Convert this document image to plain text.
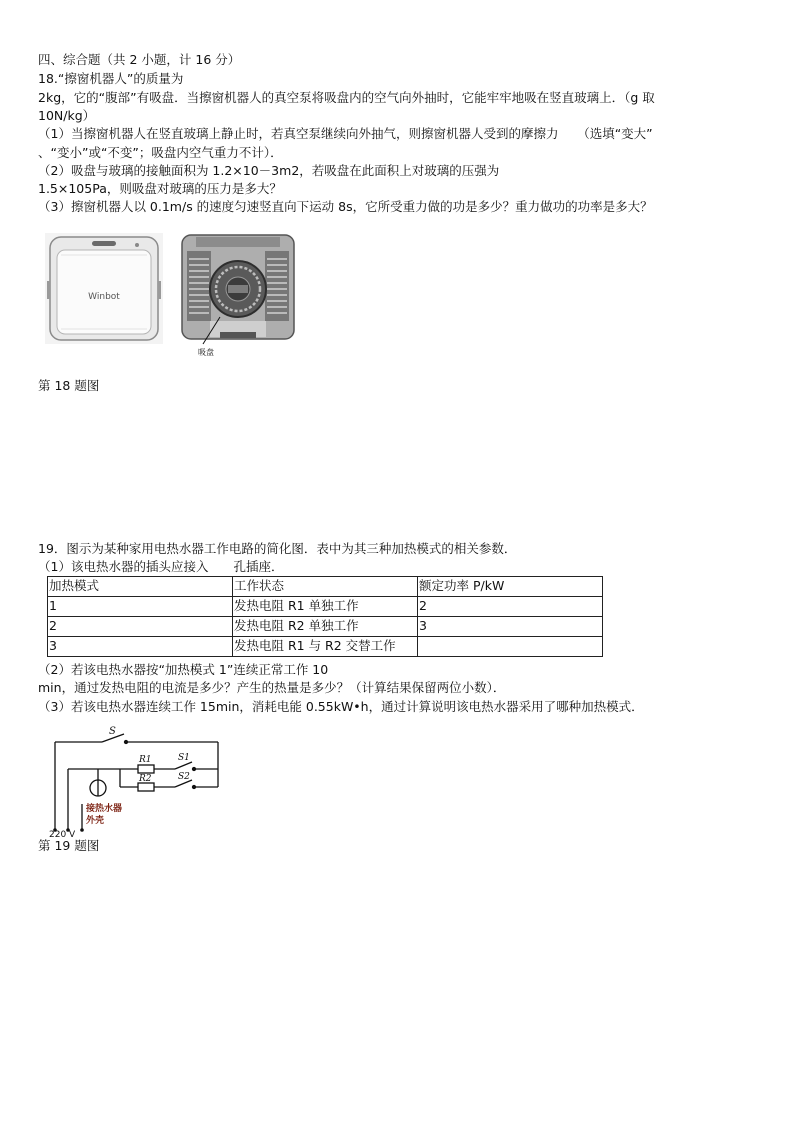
四、综合题（共 2 小题，计 16 分）
18.“擦窗机器人”的质量为
2kg，它的“腹部”有吸盘．当擦窗机器人的真空泵将吸盘内的空气向外抽时，它能牢牢地吸在竖直玻璃上．（g 取
10N/kg）
（1）当擦窗机器人在竖直玻璃上静止时，若真空泵继续向外抽气，则擦窗机器人受到的摩擦力　　（选填“变大”
、“变小”或“不变”；吸盘内空气重力不计）．
（2）吸盘与玻璃的接触面积为 1.2×10－3m2，若吸盘在此面积上对玻璃的压强为
1.5×105Pa，则吸盘对玻璃的压力是多大？
（3）擦窗机器人以 0.1m/s 的速度匀速竖直向下运动 8s，它所受重力做的功是多少？重力做功的功率是多大？
Winbot
吸盘
第 18 题图
19．图示为某种家用电热水器工作电路的简化图．表中为其三种加热模式的相关参数．
（1）该电热水器的插头应接入　　孔插座．
加热模式	工作状态	额定功率 P/kW
1	发热电阻 R1 单独工作	2
2	发热电阻 R2 单独工作	3
3	发热电阻 R1 与 R2 交替工作	
（2）若该电热水器按“加热模式 1”连续正常工作 10
min，通过发热电阻的电流是多少？产生的热量是多少？（计算结果保留两位小数）．
（3）若该电热水器连续工作 15min，消耗电能 0.55kW•h，通过计算说明该电热水器采用了哪种加热模式．
S
R1
R2
S1
S2
接热水器
外壳
220 V
第 19 题图
